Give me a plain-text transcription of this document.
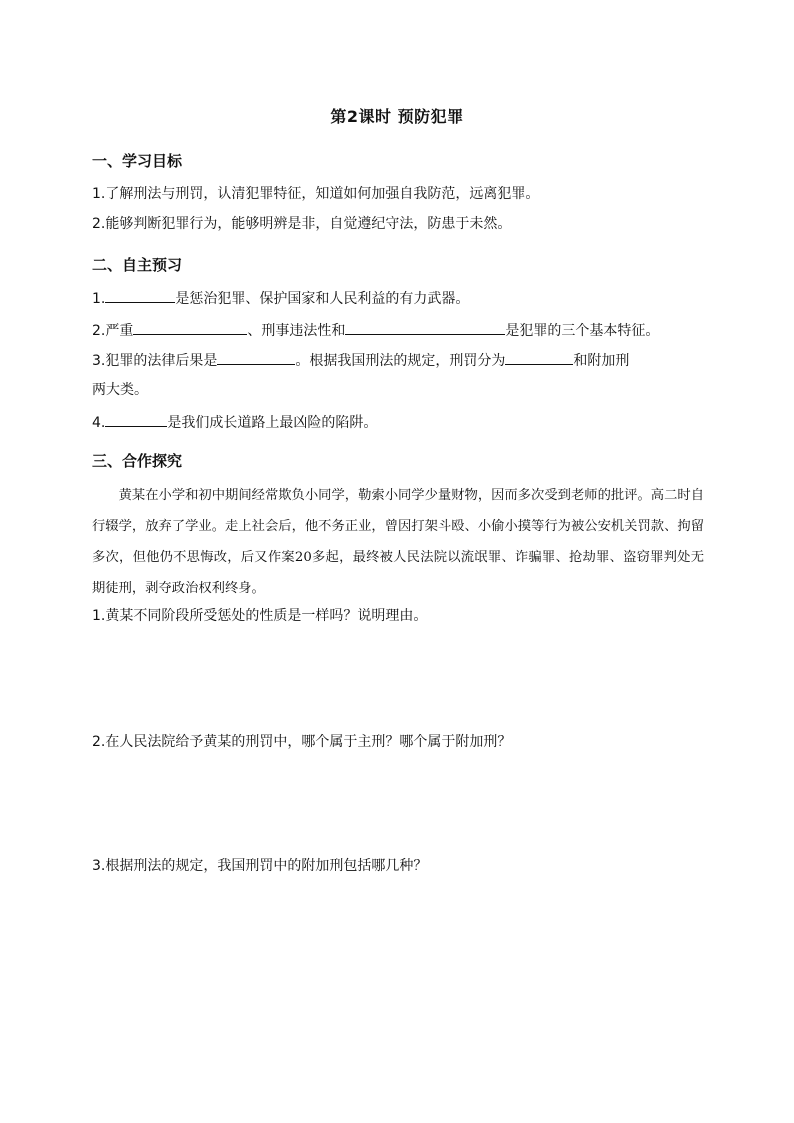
第2课时 预防犯罪
一、学习目标
1.了解刑法与刑罚，认清犯罪特征，知道如何加强自我防范，远离犯罪。
2.能够判断犯罪行为，能够明辨是非，自觉遵纪守法，防患于未然。
二、自主预习
1.	是惩治犯罪、保护国家和人民利益的有力武器。
2.严重	、刑事违法性和	是犯罪的三个基本特征。
3.犯罪的法律后果是	。根据我国刑法的规定，刑罚分为	和附加刑
两大类。
4.	是我们成长道路上最凶险的陷阱。
三、合作探究
黄某在小学和初中期间经常欺负小同学，勒索小同学少量财物，因而多次受到老师的批评。高二时自行辍学，放弃了学业。走上社会后，他不务正业，曾因打架斗殴、小偷小摸等行为被公安机关罚款、拘留多次，但他仍不思悔改，后又作案20多起，最终被人民法院以流氓罪、诈骗罪、抢劫罪、盗窃罪判处无期徒刑，剥夺政治权利终身。
1.黄某不同阶段所受惩处的性质是一样吗？说明理由。
2.在人民法院给予黄某的刑罚中，哪个属于主刑？哪个属于附加刑？
3.根据刑法的规定，我国刑罚中的附加刑包括哪几种？
